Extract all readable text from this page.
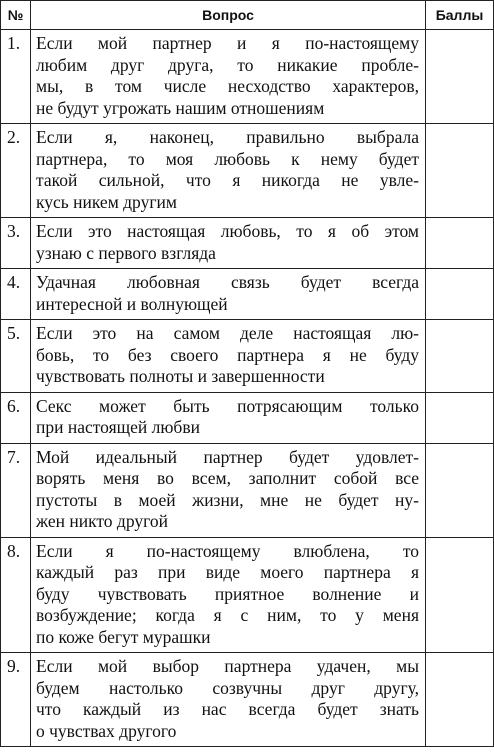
№	Вопрос	Баллы
1.	Если мой партнер и я по-настоящему
любим друг друга, то никакие пробле-
мы, в том числе несходство характеров,
не будут угрожать нашим отношениям	

2.	Если я, наконец, правильно выбрала
партнера, то моя любовь к нему будет
такой сильной, что я никогда не увле-
кусь никем другим	

3.	Если это настоящая любовь, то я об этом
узнаю с первого взгляда	

4.	Удачная любовная связь будет всегда
интересной и волнующей	

5.	Если это на самом деле настоящая лю-
бовь, то без своего партнера я не буду
чувствовать полноты и завершенности	

6.	Секс может быть потрясающим только
при настоящей любви	

7.	Мой идеальный партнер будет удовлет-
ворять меня во всем, заполнит собой все
пустоты в моей жизни, мне не будет ну-
жен никто другой	

8.	Если я по-настоящему влюблена, то
каждый раз при виде моего партнера я
буду чувствовать приятное волнение и
возбуждение; когда я с ним, то у меня
по коже бегут мурашки	

9.	Если мой выбор партнера удачен, мы
будем настолько созвучны друг другу,
что каждый из нас всегда будет знать
о чувствах другого	
